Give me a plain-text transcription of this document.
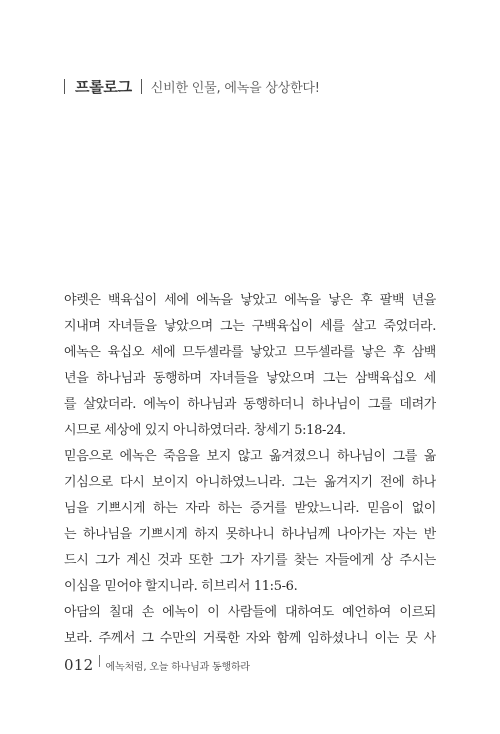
프롤로그 신비한 인물, 에녹을 상상한다!
야렛은 백육십이 세에 에녹을 낳았고 에녹을 낳은 후 팔백 년을
지내며 자녀들을 낳았으며 그는 구백육십이 세를 살고 죽었더라.
에녹은 육십오 세에 므두셀라를 낳았고 므두셀라를 낳은 후 삼백
년을 하나님과 동행하며 자녀들을 낳았으며 그는 삼백육십오 세
를 살았더라. 에녹이 하나님과 동행하더니 하나님이 그를 데려가
시므로 세상에 있지 아니하였더라. 창세기 5:18-24.
믿음으로 에녹은 죽음을 보지 않고 옮겨졌으니 하나님이 그를 옮
기심으로 다시 보이지 아니하였느니라. 그는 옮겨지기 전에 하나
님을 기쁘시게 하는 자라 하는 증거를 받았느니라. 믿음이 없이
는 하나님을 기쁘시게 하지 못하나니 하나님께 나아가는 자는 반
드시 그가 계신 것과 또한 그가 자기를 찾는 자들에게 상 주시는
이심을 믿어야 할지니라. 히브리서 11:5-6.
아담의 칠대 손 에녹이 이 사람들에 대하여도 예언하여 이르되
보라. 주께서 그 수만의 거룩한 자와 함께 임하셨나니 이는 뭇 사
012 에녹처럼, 오늘 하나님과 동행하라
